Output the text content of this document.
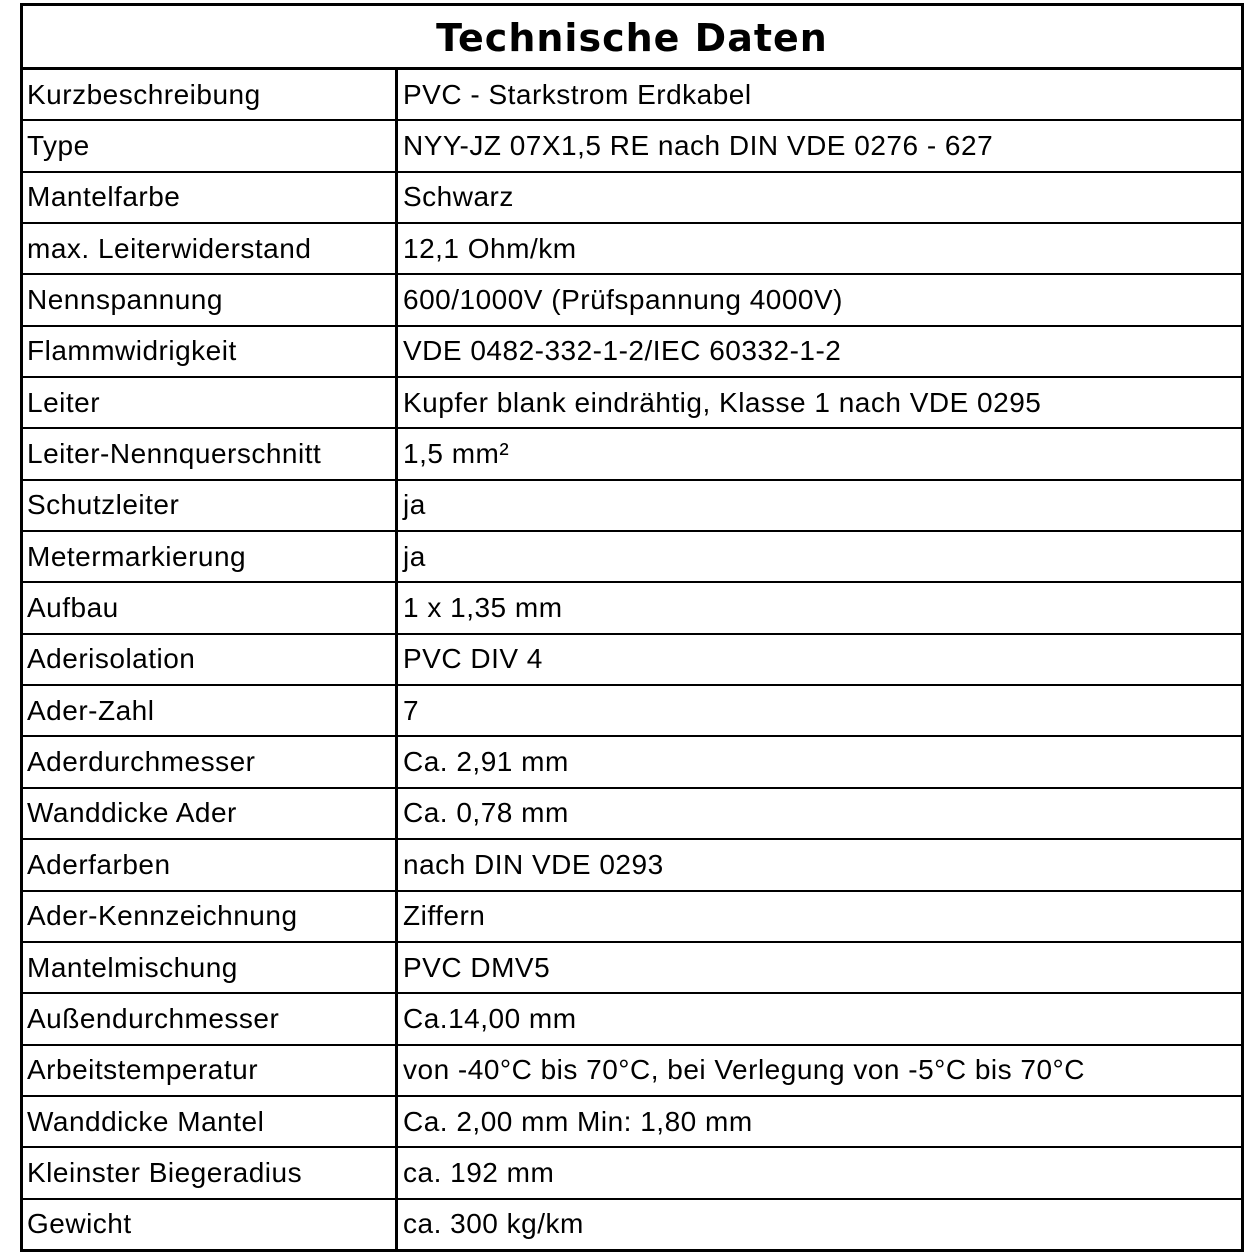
Technische Daten
Kurzbeschreibung	PVC - Starkstrom Erdkabel
Type	NYY-JZ 07X1,5 RE nach DIN VDE 0276 - 627
Mantelfarbe	Schwarz
max. Leiterwiderstand	12,1 Ohm/km
Nennspannung	600/1000V (Prüfspannung 4000V)
Flammwidrigkeit	VDE 0482-332-1-2/IEC 60332-1-2
Leiter	Kupfer blank eindrähtig, Klasse 1 nach VDE 0295
Leiter-Nennquerschnitt	1,5 mm²
Schutzleiter	ja
Metermarkierung	ja
Aufbau	1 x 1,35 mm
Aderisolation	PVC DIV 4
Ader-Zahl	7
Aderdurchmesser	Ca. 2,91 mm
Wanddicke Ader	Ca. 0,78 mm
Aderfarben	nach DIN VDE 0293
Ader-Kennzeichnung	Ziffern
Mantelmischung	PVC DMV5
Außendurchmesser	Ca.14,00 mm
Arbeitstemperatur	von -40°C bis 70°C, bei Verlegung von -5°C bis 70°C
Wanddicke Mantel	Ca. 2,00 mm Min: 1,80 mm
Kleinster Biegeradius	ca. 192 mm
Gewicht	ca. 300 kg/km
